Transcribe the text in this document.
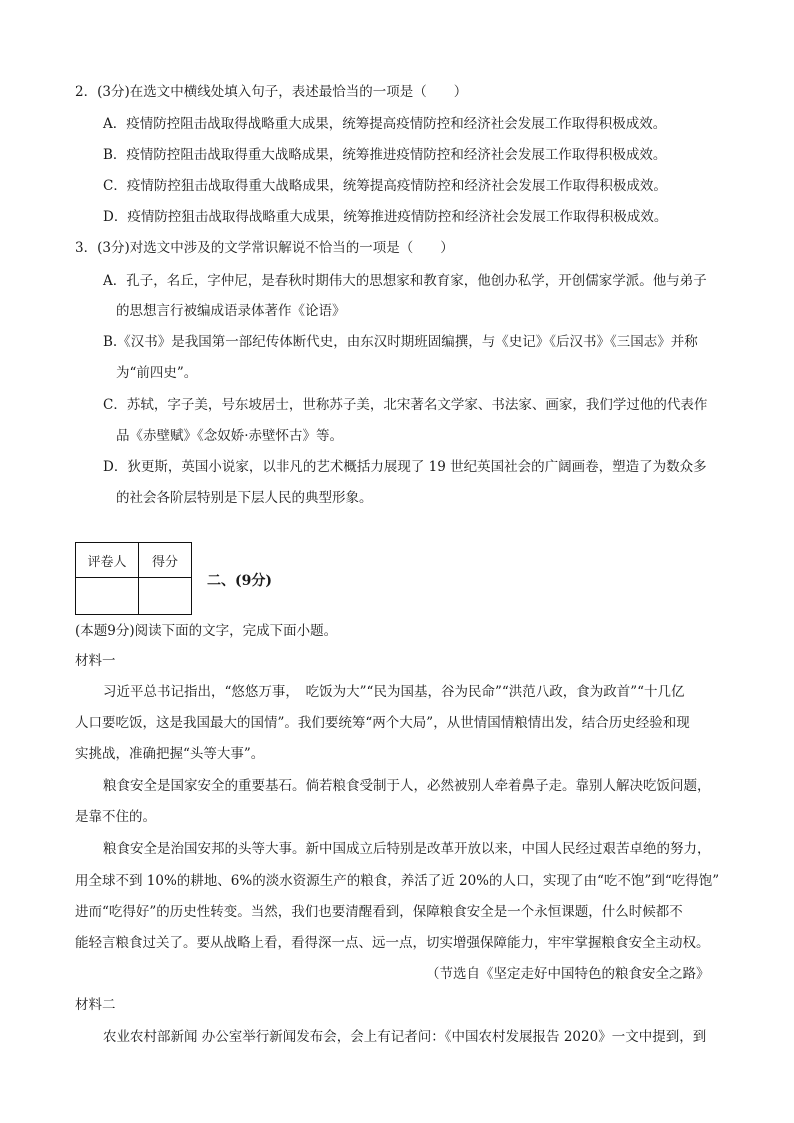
2．(3分)在选文中横线处填入句子，表述最恰当的一项是（　　）
A．疫情防控阻击战取得战略重大成果，统筹提高疫情防控和经济社会发展工作取得积极成效。
B．疫情防控阻击战取得重大战略成果，统筹推进疫情防控和经济社会发展工作取得积极成效。
C．疫情防控狙击战取得重大战略成果，统筹提高疫情防控和经济社会发展工作取得积极成效。
D．疫情防控狙击战取得战略重大成果，统筹推进疫情防控和经济社会发展工作取得积极成效。
3．(3分)对选文中涉及的文学常识解说不恰当的一项是（　　）
A．孔子，名丘，字仲尼，是春秋时期伟大的思想家和教育家，他创办私学，开创儒家学派。他与弟子
的思想言行被编成语录体著作《论语》
B.《汉书》是我国第一部纪传体断代史，由东汉时期班固编撰，与《史记》《后汉书》《三国志》并称
为“前四史”。
C．苏轼，字子美，号东坡居士，世称苏子美，北宋著名文学家、书法家、画家，我们学过他的代表作
品《赤壁赋》《念奴娇·赤壁怀古》等。
D．狄更斯，英国小说家，以非凡的艺术概括力展现了 19 世纪英国社会的广阔画卷，塑造了为数众多
的社会各阶层特别是下层人民的典型形象。
评卷人	得分

二、(9分)
(本题9分)阅读下面的文字，完成下面小题。
材料一
习近平总书记指出，“悠悠万事，　吃饭为大”“民为国基，谷为民命”“洪范八政，食为政首”“十几亿
人口要吃饭，这是我国最大的国情”。我们要统筹“两个大局”，从世情国情粮情出发，结合历史经验和现
实挑战，准确把握“头等大事”。
粮食安全是国家安全的重要基石。倘若粮食受制于人，必然被别人牵着鼻子走。靠别人解决吃饭问题，
是靠不住的。
粮食安全是治国安邦的头等大事。新中国成立后特别是改革开放以来，中国人民经过艰苦卓绝的努力，
用全球不到 10%的耕地、6%的淡水资源生产的粮食，养活了近 20%的人口，实现了由“吃不饱”到“吃得饱”
进而“吃得好”的历史性转变。当然，我们也要清醒看到，保障粮食安全是一个永恒课题，什么时候都不
能轻言粮食过关了。要从战略上看，看得深一点、远一点，切实增强保障能力，牢牢掌握粮食安全主动权。
（节选自《坚定走好中国特色的粮食安全之路》
材料二
农业农村部新闻 办公室举行新闻发布会，会上有记者问：《中国农村发展报告 2020》一文中提到，到
